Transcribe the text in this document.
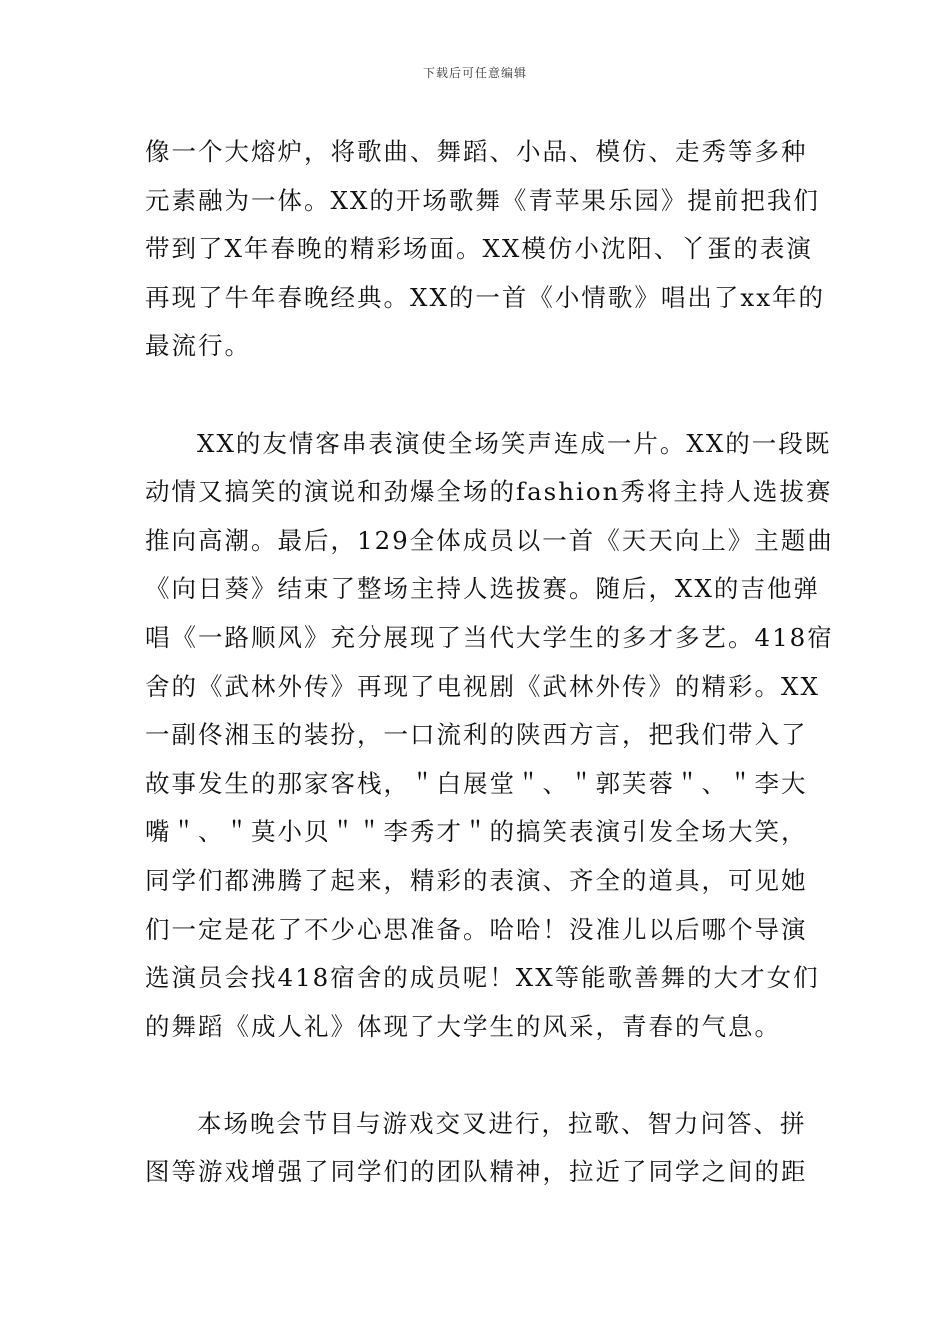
下载后可任意编辑

像一个大熔炉，将歌曲、舞蹈、小品、模仿、走秀等多种
元素融为一体。XX的开场歌舞《青苹果乐园》提前把我们
带到了X年春晚的精彩场面。XX模仿小沈阳、丫蛋的表演
再现了牛年春晚经典。XX的一首《小情歌》唱出了xx年的
最流行。

XX的友情客串表演使全场笑声连成一片。XX的一段既
动情又搞笑的演说和劲爆全场的fashion秀将主持人选拔赛
推向高潮。最后，129全体成员以一首《天天向上》主题曲
《向日葵》结束了整场主持人选拔赛。随后，XX的吉他弹
唱《一路顺风》充分展现了当代大学生的多才多艺。418宿
舍的《武林外传》再现了电视剧《武林外传》的精彩。XX
一副佟湘玉的装扮，一口流利的陕西方言，把我们带入了
故事发生的那家客栈，＂白展堂＂、＂郭芙蓉＂、＂李大
嘴＂、＂莫小贝＂＂李秀才＂的搞笑表演引发全场大笑，
同学们都沸腾了起来，精彩的表演、齐全的道具，可见她
们一定是花了不少心思准备。哈哈！没准儿以后哪个导演
选演员会找418宿舍的成员呢！XX等能歌善舞的大才女们
的舞蹈《成人礼》体现了大学生的风采，青春的气息。

本场晚会节目与游戏交叉进行，拉歌、智力问答、拼
图等游戏增强了同学们的团队精神，拉近了同学之间的距
